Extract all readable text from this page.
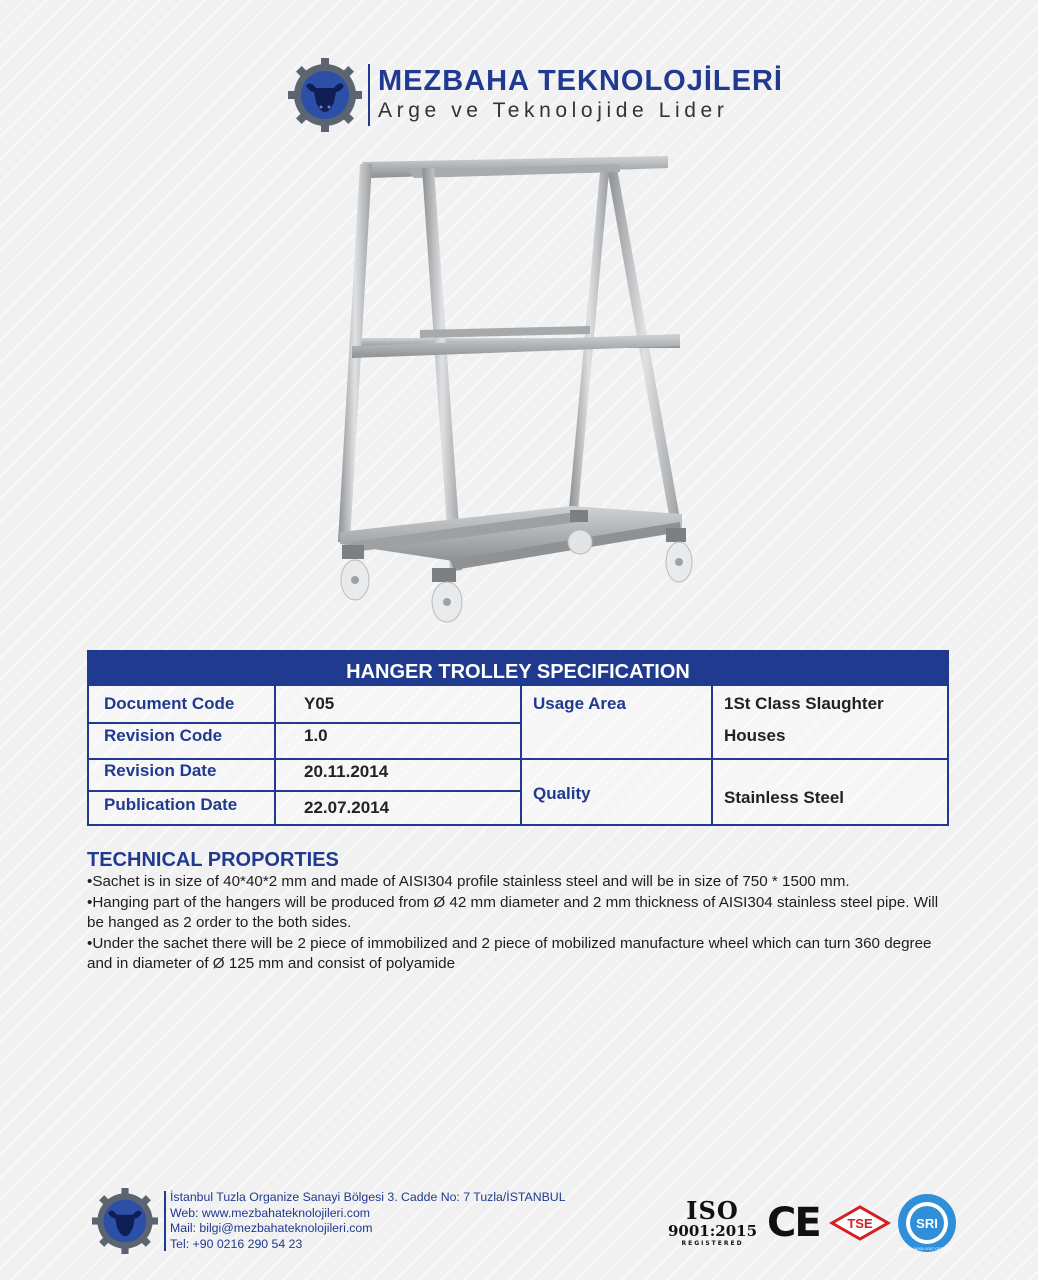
MEZBAHA TEKNOLOJİLERİ
Arge ve Teknolojide Lider
HANGER TROLLEY SPECIFICATION
Document Code	Y05
Revision Code	1.0
Revision Date	20.11.2014
Publication Date	22.07.2014
Usage Area	1St Class Slaughter
Houses
Quality	Stainless Steel
TECHNICAL PROPORTIES

•Sachet is in size of 40*40*2 mm and made of AISI304 profile stainless steel and will be in size of 750 * 1500 mm.

•Hanging part of the hangers will be produced from Ø 42 mm diameter and 2 mm thickness of AISI304 stainless steel pipe. Will be hanged as 2 order to the both sides.

•Under the sachet there will be 2 piece of immobilized and 2 piece of mobilized manufacture wheel which can turn 360 degree and in diameter of Ø 125 mm and consist of polyamide

İstanbul Tuzla Organize Sanayi Bölgesi 3. Cadde No: 7 Tuzla/İSTANBUL
Web: www.mezbahateknolojileri.com
Mail: bilgi@mezbahateknolojileri.com
Tel: +90 0216 290 54 23
ISO
9001:2015
REGISTERED CE TSE	SRI
OHSAS 18001:2007 CERTIFIED
